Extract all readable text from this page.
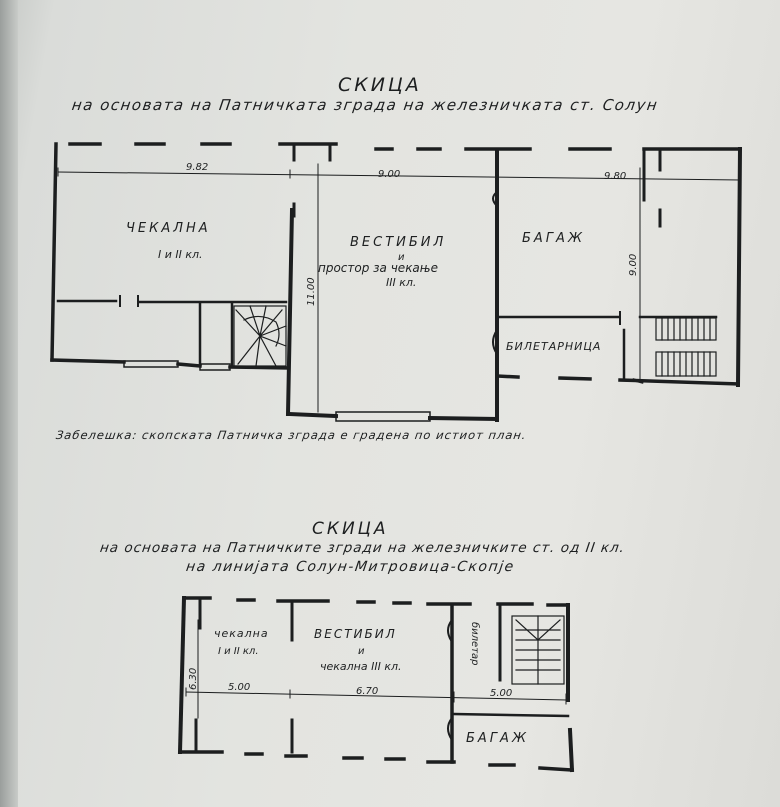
СКИЦА
на основата на Патничката зграда на железничката ст. Солун
Забелешка: скопската Патничка зграда е градена по истиот план.
СКИЦА
на основата на Патничките згради на железничките ст. од II кл.
на линијата Солун-Митровица-Скопје
9.82
9.00	9.80
11.00
9.00
ЧЕКАЛНА
I и II кл.
ВЕСТИБИЛ
и
простор за чекање
III кл.
БАГАЖ
БИЛЕТАРНИЦА
6.30	5.00	6.70	5.00
чекална
I и II кл.
ВЕСТИБИЛ
и
чекална III кл.
билетар
БАГАЖ
